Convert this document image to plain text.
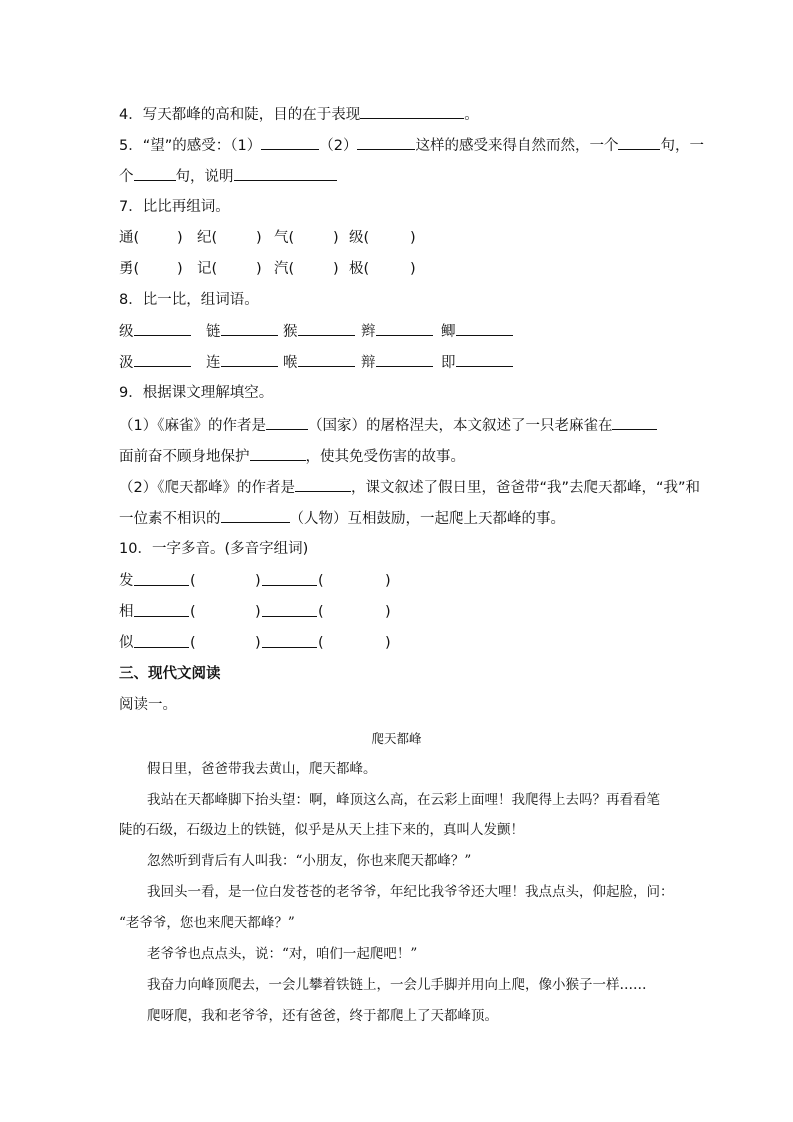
4．写天都峰的高和陡，目的在于表现	。
5．“望”的感受：（1）	（2）	这样的感受来得自然而然，一个	句，一
个	句，说明
7．比比再组词。
通(	) 纪(	) 气(	) 级(	)
勇(	) 记(	) 汽(	) 极(	)
8．比一比，组词语。
级	链	猴	辫	鲫
汲	连	喉	辩	即
9．根据课文理解填空。
（1）《麻雀》的作者是	（国家）的屠格涅夫，本文叙述了一只老麻雀在
面前奋不顾身地保护	，使其免受伤害的故事。
（2）《爬天都峰》的作者是	，课文叙述了假日里，爸爸带“我”去爬天都峰，“我”和
一位素不相识的	（人物）互相鼓励，一起爬上天都峰的事。
10．一字多音。(多音字组词)
发	(	)	(	)
相	(	)	(	)
似	(	)	(	)
三、现代文阅读
阅读一。
爬天都峰
假日里，爸爸带我去黄山，爬天都峰。
我站在天都峰脚下抬头望：啊，峰顶这么高，在云彩上面哩！我爬得上去吗？再看看笔
陡的石级，石级边上的铁链，似乎是从天上挂下来的，真叫人发颤！
忽然听到背后有人叫我：“小朋友，你也来爬天都峰？”
我回头一看，是一位白发苍苍的老爷爷，年纪比我爷爷还大哩！我点点头，仰起脸，问：
“老爷爷，您也来爬天都峰？”
老爷爷也点点头，说：“对，咱们一起爬吧！”
我奋力向峰顶爬去，一会儿攀着铁链上，一会儿手脚并用向上爬，像小猴子一样……
爬呀爬，我和老爷爷，还有爸爸，终于都爬上了天都峰顶。
